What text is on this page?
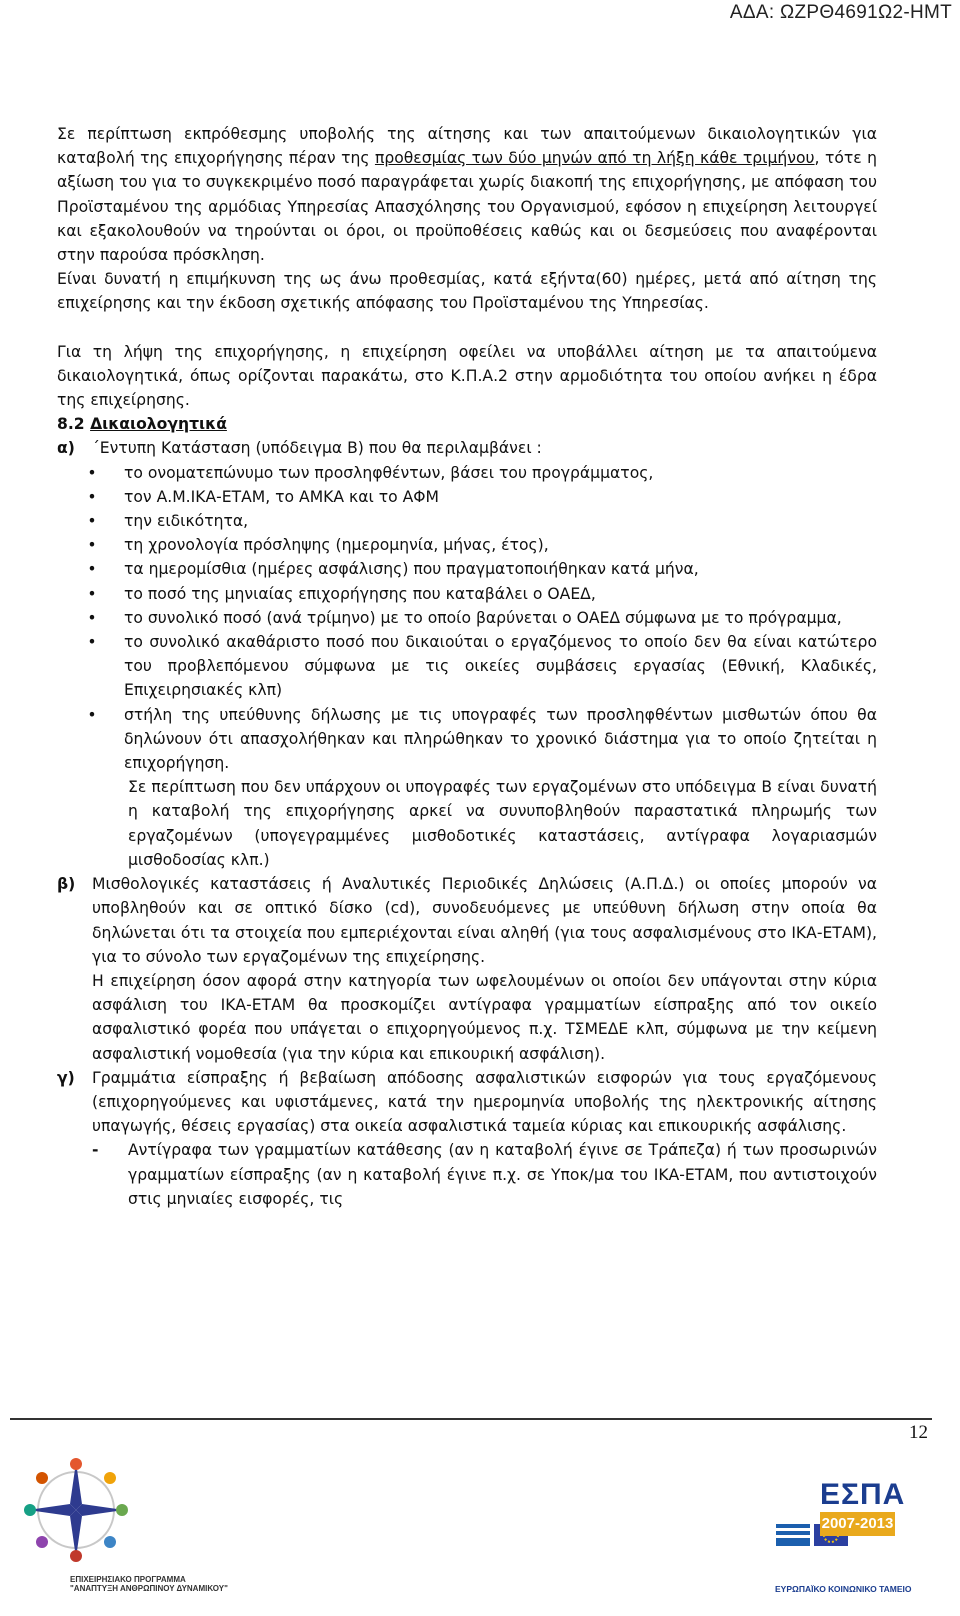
ΑΔΑ: ΩΖΡΘ4691Ω2-ΗΜΤ

Σε περίπτωση εκπρόθεσμης υποβολής της αίτησης και των απαιτούμενων δικαιολογητικών για καταβολή της επιχορήγησης πέραν της προθεσμίας των δύο μηνών από τη λήξη κάθε τριμήνου, τότε η αξίωση του για το συγκεκριμένο ποσό παραγράφεται χωρίς διακοπή της επιχορήγησης, με απόφαση του Προϊσταμένου της αρμόδιας Υπηρεσίας Απασχόλησης του Οργανισμού, εφόσον η επιχείρηση λειτουργεί και εξακολουθούν να τηρούνται οι όροι, οι προϋποθέσεις καθώς και οι δεσμεύσεις που αναφέρονται στην παρούσα πρόσκληση.

Είναι δυνατή η επιμήκυνση της ως άνω προθεσμίας, κατά εξήντα(60) ημέρες, μετά από αίτηση της επιχείρησης και την έκδοση σχετικής απόφασης του Προϊσταμένου της Υπηρεσίας.

Για τη λήψη της επιχορήγησης, η επιχείρηση οφείλει να υποβάλλει αίτηση με τα απαιτούμενα δικαιολογητικά, όπως ορίζονται παρακάτω, στο Κ.Π.Α.2 στην αρμοδιότητα του οποίου ανήκει η έδρα της επιχείρησης.

8.2 Δικαιολογητικά

α) ΄Εντυπη Κατάσταση (υπόδειγμα Β) που θα περιλαμβάνει :

• το ονοματεπώνυμο των προσληφθέντων, βάσει του προγράμματος,
• τον Α.Μ.ΙΚΑ-ΕΤΑΜ, το ΑΜΚΑ και το ΑΦΜ
• την ειδικότητα,
• τη χρονολογία πρόσληψης (ημερομηνία, μήνας, έτος),
• τα ημερομίσθια (ημέρες ασφάλισης) που πραγματοποιήθηκαν κατά μήνα,
• το ποσό της μηνιαίας επιχορήγησης που καταβάλει ο ΟΑΕΔ,
• το συνολικό ποσό (ανά τρίμηνο) με το οποίο βαρύνεται ο ΟΑΕΔ σύμφωνα με το πρόγραμμα,
• το συνολικό ακαθάριστο ποσό που δικαιούται ο εργαζόμενος το οποίο δεν θα είναι κατώτερο του προβλεπόμενου σύμφωνα με τις οικείες συμβάσεις εργασίας (Εθνική, Κλαδικές, Επιχειρησιακές κλπ)
• στήλη της υπεύθυνης δήλωσης με τις υπογραφές των προσληφθέντων μισθωτών όπου θα δηλώνουν ότι απασχολήθηκαν και πληρώθηκαν το χρονικό διάστημα για το οποίο ζητείται η επιχορήγηση.

Σε περίπτωση που δεν υπάρχουν οι υπογραφές των εργαζομένων στο υπόδειγμα Β είναι δυνατή η καταβολή της επιχορήγησης αρκεί να συνυποβληθούν παραστατικά πληρωμής των εργαζομένων (υπογεγραμμένες μισθοδοτικές καταστάσεις, αντίγραφα λογαριασμών μισθοδοσίας κλπ.)

β) Μισθολογικές καταστάσεις ή Αναλυτικές Περιοδικές Δηλώσεις (Α.Π.Δ.) οι οποίες μπορούν να υποβληθούν και σε οπτικό δίσκο (cd), συνοδευόμενες με υπεύθυνη δήλωση στην οποία θα δηλώνεται ότι τα στοιχεία που εμπεριέχονται είναι αληθή (για τους ασφαλισμένους στο ΙΚΑ-ΕΤΑΜ), για το σύνολο των εργαζομένων της επιχείρησης.

Η επιχείρηση όσον αφορά στην κατηγορία των ωφελουμένων οι οποίοι δεν υπάγονται στην κύρια ασφάλιση του ΙΚΑ-ΕΤΑΜ θα προσκομίζει αντίγραφα γραμματίων είσπραξης από τον οικείο ασφαλιστικό φορέα που υπάγεται ο επιχορηγούμενος π.χ. ΤΣΜΕΔΕ κλπ, σύμφωνα με την κείμενη ασφαλιστική νομοθεσία (για την κύρια και επικουρική ασφάλιση).

γ) Γραμμάτια είσπραξης ή βεβαίωση απόδοσης ασφαλιστικών εισφορών για τους εργαζόμενους (επιχορηγούμενες και υφιστάμενες, κατά την ημερομηνία υποβολής της ηλεκτρονικής αίτησης υπαγωγής, θέσεις εργασίας) στα οικεία ασφαλιστικά ταμεία κύριας και επικουρικής ασφάλισης.

- Αντίγραφα των γραμματίων κατάθεσης (αν η καταβολή έγινε σε Τράπεζα) ή των προσωρινών γραμματίων είσπραξης (αν η καταβολή έγινε π.χ. σε Υποκ/μα του ΙΚΑ-ΕΤΑΜ, που αντιστοιχούν στις μηνιαίες εισφορές, τις
12
ΕΠΙΧΕΙΡΗΣΙΑΚΟ ΠΡΟΓΡΑΜΜΑ
"ΑΝΑΠΤΥΞΗ ΑΝΘΡΩΠΙΝΟΥ ΔΥΝΑΜΙΚΟΥ"
ΕΣΠΑ
2007-2013
ΕΥΡΩΠΑΪΚΟ ΚΟΙΝΩΝΙΚΟ ΤΑΜΕΙΟ
